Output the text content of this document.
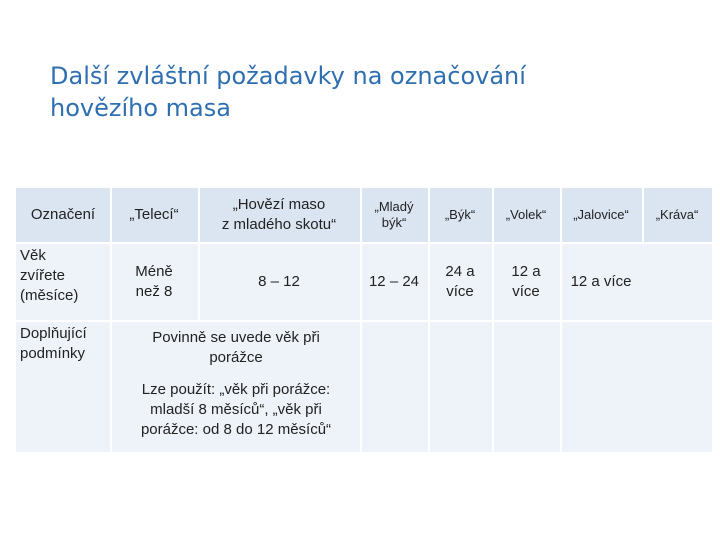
Další zvláštní požadavky na označování
hovězího masa
Označení „Telecí“
„Hovězí maso
z mladého skotu“
„Mladý
býk“
„Býk“ „Volek“ „Jalovice“ „Kráva“
Věk
zvířete
(měsíce)
Méně
než 8
8 – 12	12 – 24
24 a
více
12 a
více
12 a více
Doplňující
podmínky
Povinně se uvede věk při
porážce
Lze použít: „věk při porážce:
mladší 8 měsíců“, „věk při
porážce: od 8 do 12 měsíců“
